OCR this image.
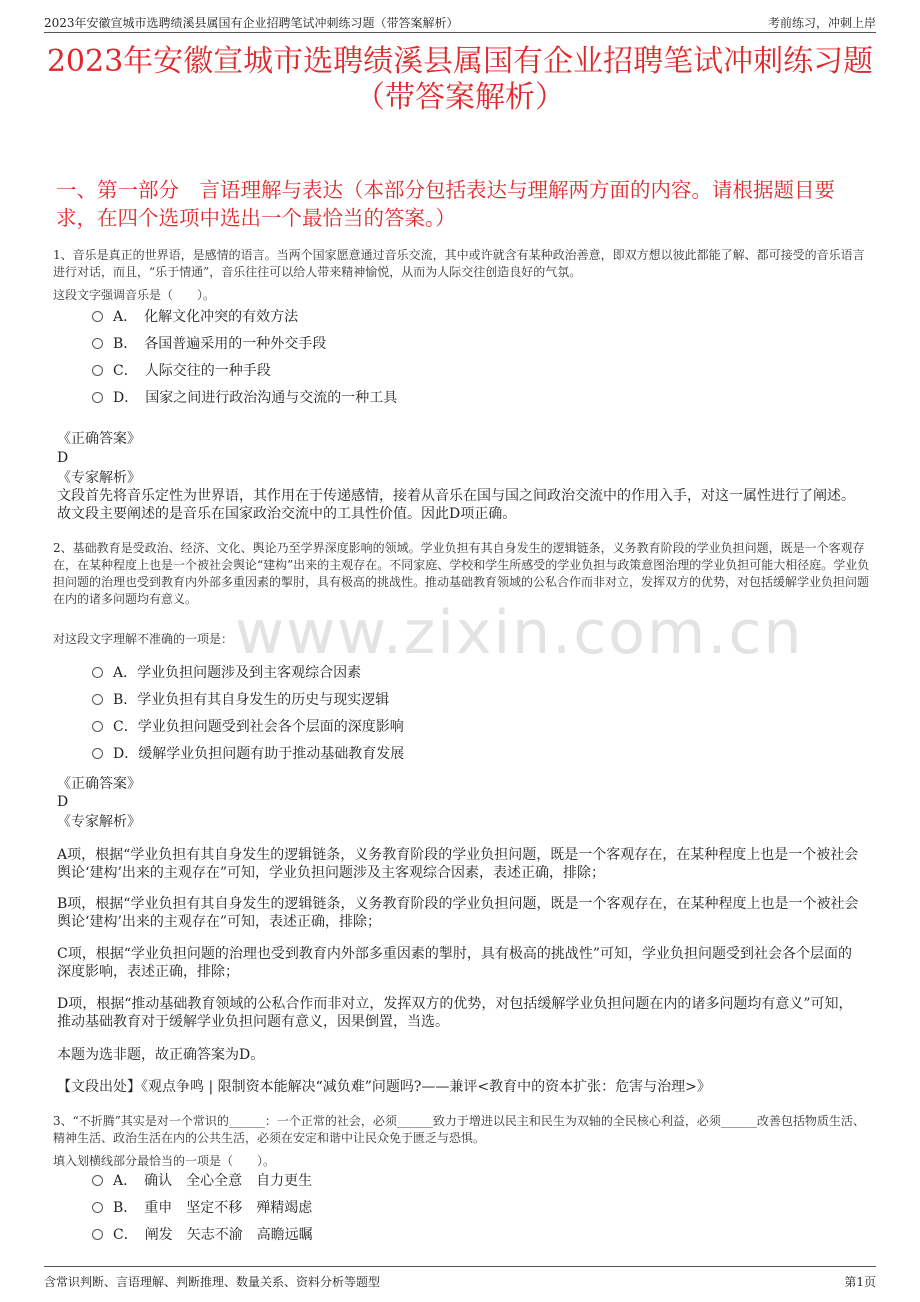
2023年安徽宣城市选聘绩溪县属国有企业招聘笔试冲刺练习题（带答案解析）	考前练习，冲刺上岸
www.zixin.com.cn
2023年安徽宣城市选聘绩溪县属国有企业招聘笔试冲刺练习题
（带答案解析）
一、第一部分　言语理解与表达（本部分包括表达与理解两方面的内容。请根据题目要求，在四个选项中选出一个最恰当的答案。）
1、音乐是真正的世界语，是感情的语言。当两个国家愿意通过音乐交流，其中或许就含有某种政治善意，即双方想以彼此都能了解、都可接受的音乐语言进行对话，而且，“乐于情通”，音乐往往可以给人带来精神愉悦，从而为人际交往创造良好的气氛。
这段文字强调音乐是（　　）。
A．　化解文化冲突的有效方法
B．　各国普遍采用的一种外交手段
C．　人际交往的一种手段
D．　国家之间进行政治沟通与交流的一种工具
《正确答案》
D
《专家解析》
文段首先将音乐定性为世界语，其作用在于传递感情，接着从音乐在国与国之间政治交流中的作用入手，对这一属性进行了阐述。故文段主要阐述的是音乐在国家政治交流中的工具性价值。因此D项正确。
2、基础教育是受政治、经济、文化、舆论乃至学界深度影响的领域。学业负担有其自身发生的逻辑链条，义务教育阶段的学业负担问题，既是一个客观存在，在某种程度上也是一个被社会舆论“建构”出来的主观存在。不同家庭、学校和学生所感受的学业负担与政策意图治理的学业负担可能大相径庭。学业负担问题的治理也受到教育内外部多重因素的掣肘，具有极高的挑战性。推动基础教育领域的公私合作而非对立，发挥双方的优势，对包括缓解学业负担问题在内的诸多问题均有意义。
对这段文字理解不准确的一项是：
A．学业负担问题涉及到主客观综合因素
B．学业负担有其自身发生的历史与现实逻辑
C．学业负担问题受到社会各个层面的深度影响
D．缓解学业负担问题有助于推动基础教育发展
《正确答案》
D
《专家解析》
A项，根据“学业负担有其自身发生的逻辑链条，义务教育阶段的学业负担问题，既是一个客观存在，在某种程度上也是一个被社会舆论‘建构’出来的主观存在”可知，学业负担问题涉及主客观综合因素，表述正确，排除；
B项，根据“学业负担有其自身发生的逻辑链条，义务教育阶段的学业负担问题，既是一个客观存在，在某种程度上也是一个被社会舆论‘建构’出来的主观存在”可知，表述正确，排除；
C项，根据“学业负担问题的治理也受到教育内外部多重因素的掣肘，具有极高的挑战性”可知，学业负担问题受到社会各个层面的深度影响，表述正确，排除；
D项，根据“推动基础教育领域的公私合作而非对立，发挥双方的优势，对包括缓解学业负担问题在内的诸多问题均有意义”可知，推动基础教育对于缓解学业负担问题有意义，因果倒置，当选。
本题为选非题，故正确答案为D。
【文段出处】《观点争鸣 | 限制资本能解决“减负难”问题吗?——兼评<教育中的资本扩张：危害与治理>》
3、“不折腾”其实是对一个常识的______：一个正常的社会，必须______致力于增进以民主和民生为双轴的全民核心利益，必须______改善包括物质生活、精神生活、政治生活在内的公共生活，必须在安定和谐中让民众免于匮乏与恐惧。
填入划横线部分最恰当的一项是（　　）。
A．　确认　全心全意　自力更生
B．　重申　坚定不移　殚精竭虑
C．　阐发　矢志不渝　高瞻远瞩
含常识判断、言语理解、判断推理、数量关系、资料分析等题型	第1页
